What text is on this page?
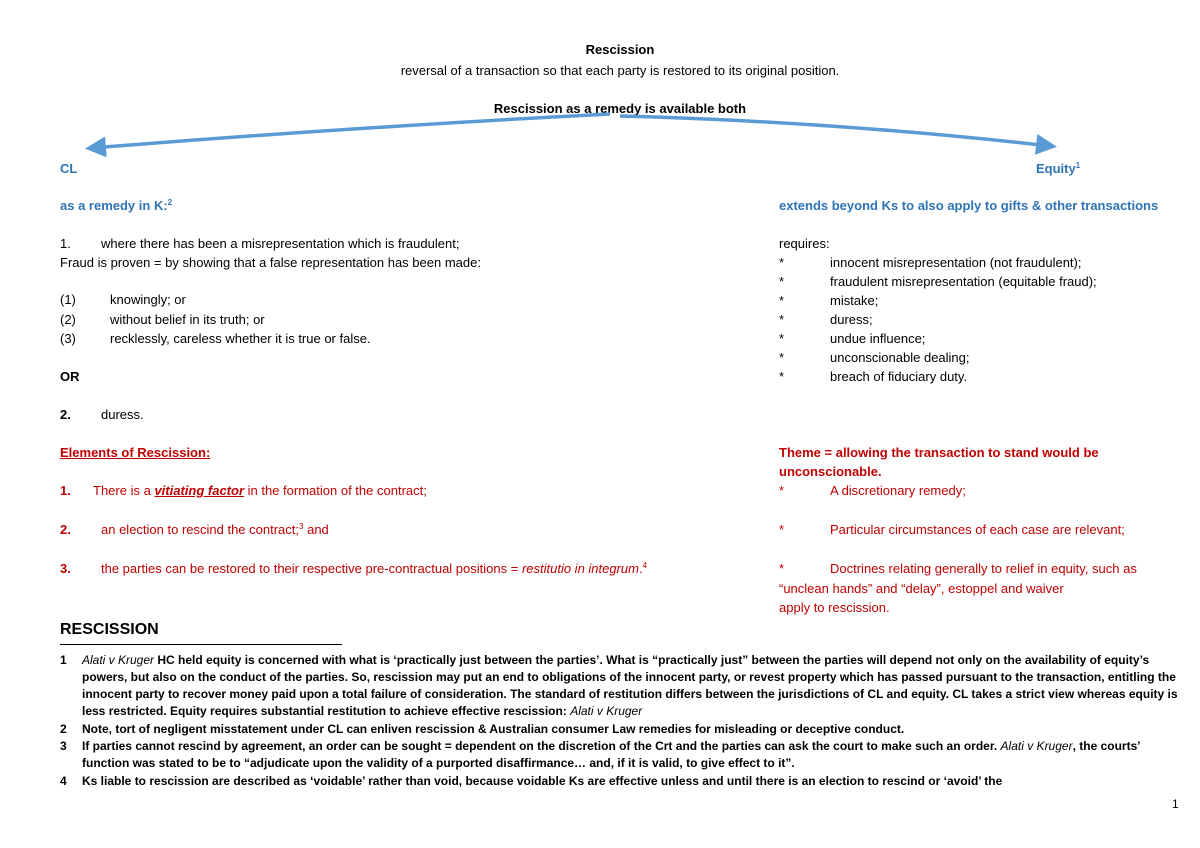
Rescission
reversal of a transaction so that each party is restored to its original position.
Rescission as a remedy is available both
CL
as a remedy in K:$^2$
1. where there has been a misrepresentation which is fraudulent;
Fraud is proven = by showing that a false representation has been made:
(1)	knowingly; or
(2)	without belief in its truth; or
(3)	recklessly, careless whether it is true or false.
OR
2. duress.
Elements of Rescission:
1. There is a vitiating factor in the formation of the contract;
2. an election to rescind the contract;$^3$ and
3. the parties can be restored to their respective pre-contractual positions = restitutio in integrum.$^4$
Equity$^1$
extends beyond Ks to also apply to gifts & other transactions
requires:
*	innocent misrepresentation (not fraudulent);
*	fraudulent misrepresentation (equitable fraud);
*	mistake;
*	duress;
*	undue influence;
*	unconscionable dealing;
*	breach of fiduciary duty.
Theme = allowing the transaction to stand would be
unconscionable.
*	A discretionary remedy;
*	Particular circumstances of each case are relevant;
*	Doctrines relating generally to relief in equity, such as
“unclean hands” and “delay”, estoppel and waiver
apply to rescission.
RESCISSION
1 Alati v Kruger HC held equity is concerned with what is ‘practically just between the parties’. What is “practically just” between the parties will depend not only on the availability of equity’s powers, but also on the conduct of the parties. So, rescission may put an end to obligations of the innocent party, or revest property which has passed pursuant to the transaction, entitling the innocent party to recover money paid upon a total failure of consideration. The standard of restitution differs between the jurisdictions of CL and equity. CL takes a strict view whereas equity is less restricted. Equity requires substantial restitution to achieve effective rescission: Alati v Kruger
2 Note, tort of negligent misstatement under CL can enliven rescission & Australian consumer Law remedies for misleading or deceptive conduct.
3 If parties cannot rescind by agreement, an order can be sought = dependent on the discretion of the Crt and the parties can ask the court to make such an order. Alati v Kruger, the courts’ function was stated to be to “adjudicate upon the validity of a purported disaffirmance… and, if it is valid, to give effect to it”.
4 Ks liable to rescission are described as ‘voidable’ rather than void, because voidable Ks are effective unless and until there is an election to rescind or ‘avoid’ the
1
